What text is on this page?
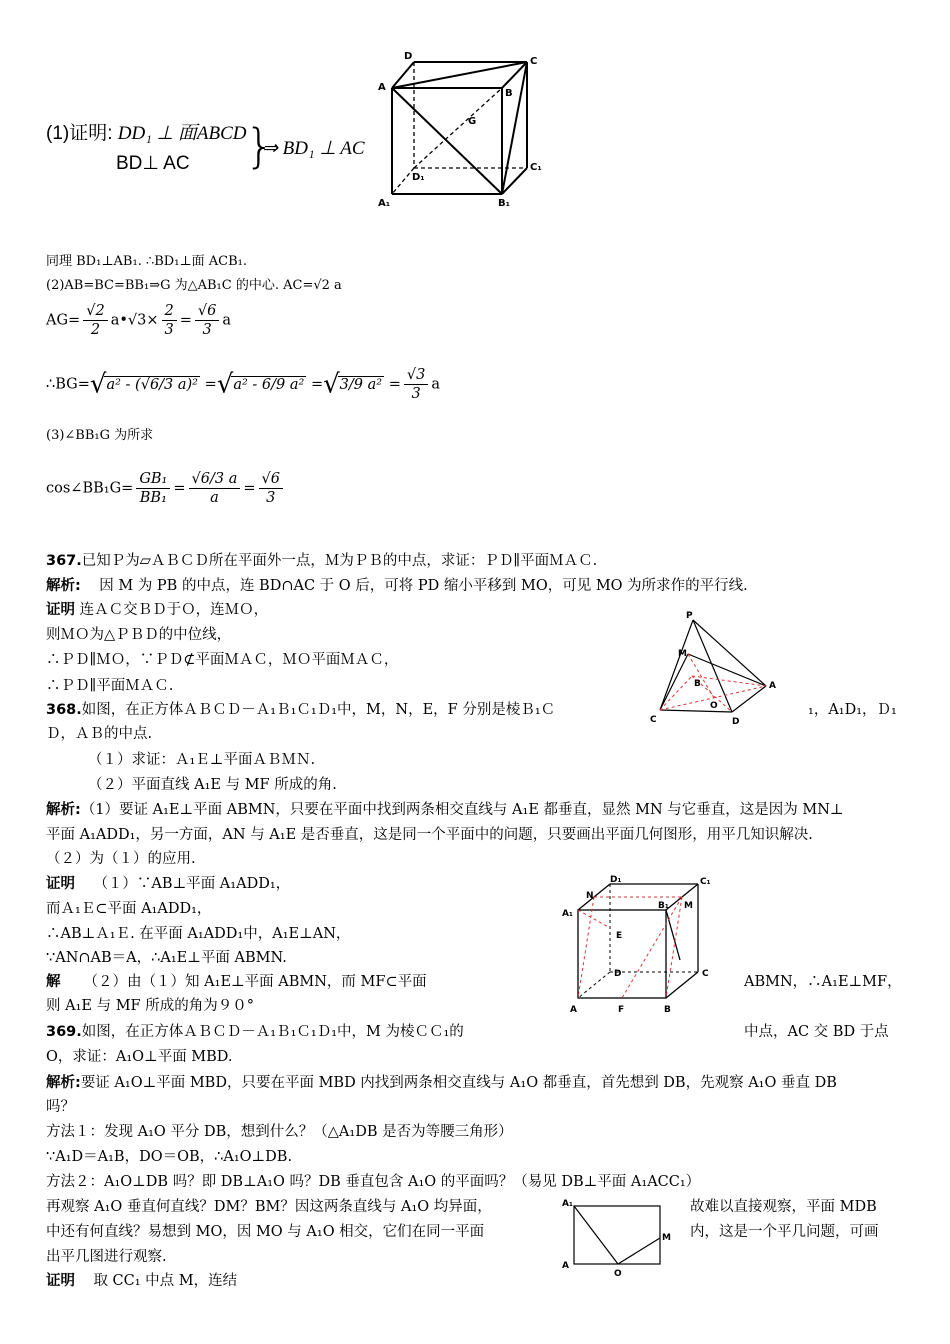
(1)证明: DD₁ ⊥ 面ABCD
BD⊥ AC }
⇒ BD₁ ⊥ AC
D	C
A
B
G
D₁
C₁
A₁	B₁
同理 BD₁⊥AB₁. ∴BD₁⊥面 ACB₁.
(2)AB=BC=BB₁⇒G 为△AB₁C 的中心. AC=√2 a
$AG= \frac{√2}{2}$ a•√3× $\frac{2}{3} = \frac{√6}{3}$ a
∴BG=√a² - (√6/3 a)² =√a² - 6/9 a² =√3/9 $a^2 = \frac{√3}{3}$ a
(3)∠BB₁G 为所求
cos∠BB₁G= $\frac{\text{GB₁}}{\text{BB₁}} = \frac{√6/3 a}{a} = \frac{√6}{3}$
367.已知Ｐ为▱ＡＢＣＤ所在平面外一点，Ｍ为ＰＢ的中点，求证：ＰＤ∥平面ＭＡＣ.
解析: 因 M 为 PB 的中点，连 BD∩AC 于 O 后，可将 PD 缩小平移到 MO，可见 MO 为所求作的平行线.
证明 连ＡＣ交ＢＤ于Ｏ，连ＭＯ，
则ＭＯ为△ＰＢＤ的中位线，
∴ＰＤ∥ＭＯ，∵ＰＤ⊄平面ＭＡＣ，ＭＯ平面ＭＡＣ，
∴ＰＤ∥平面ＭＡＣ.
P
M
B	A
O
C	D
368.如图，在正方体ＡＢＣＤ－Ａ₁Ｂ₁Ｃ₁Ｄ₁中，M，N，E，F 分别是棱Ｂ₁Ｃ	₁，A₁D₁，Ｄ₁
Ｄ，ＡＢ的中点.
（１）求证：Ａ₁Ｅ⊥平面ＡＢＭＮ.
（２）平面直线 A₁E 与 MF 所成的角.
解析:（1）要证 A₁E⊥平面 ABMN，只要在平面中找到两条相交直线与 A₁E 都垂直，显然 MN 与它垂直，这是因为 MN⊥
平面 A₁ADD₁，另一方面，AN 与 A₁E 是否垂直，这是同一个平面中的问题，只要画出平面几何图形，用平几知识解决.
（２）为（１）的应用.
证明 （１）∵AB⊥平面 A₁ADD₁，
而Ａ₁Ｅ⊂平面 A₁ADD₁，
∴AB⊥Ａ₁Ｅ. 在平面 A₁ADD₁中，A₁E⊥AN，
∵AN∩AB＝A，∴A₁E⊥平面 ABMN.
解 （２）由（１）知 A₁E⊥平面 ABMN，而 MF⊂平面	ABMN，∴A₁E⊥MF，
则 A₁E 与 MF 所成的角为９０°
D₁	C₁
N
A₁
B₁ M
E
D	C
A	F	B
369.如图，在正方体ＡＢＣＤ－Ａ₁Ｂ₁Ｃ₁Ｄ₁中，M 为棱ＣＣ₁的	中点，AC 交 BD 于点
O，求证：A₁O⊥平面 MBD.
解析:要证 A₁O⊥平面 MBD，只要在平面 MBD 内找到两条相交直线与 A₁O 都垂直，首先想到 DB，先观察 A₁O 垂直 DB
吗？
方法１：发现 A₁O 平分 DB，想到什么？（△A₁DB 是否为等腰三角形）
∵A₁D＝A₁B，DO＝OB，∴A₁O⊥DB.
方法２：A₁O⊥DB 吗？即 DB⊥A₁O 吗？DB 垂直包含 A₁O 的平面吗？（易见 DB⊥平面 A₁ACC₁）
再观察 A₁O 垂直何直线？DM？BM？因这两条直线与 A₁O 均异面，	故难以直接观察，平面 MDB
中还有何直线？易想到 MO，因 MO 与 A₁O 相交，它们在同一平面	内，这是一个平几问题，可画
出平几图进行观察.
证明 取 CC₁ 中点 M，连结
A₁
M
A
O
